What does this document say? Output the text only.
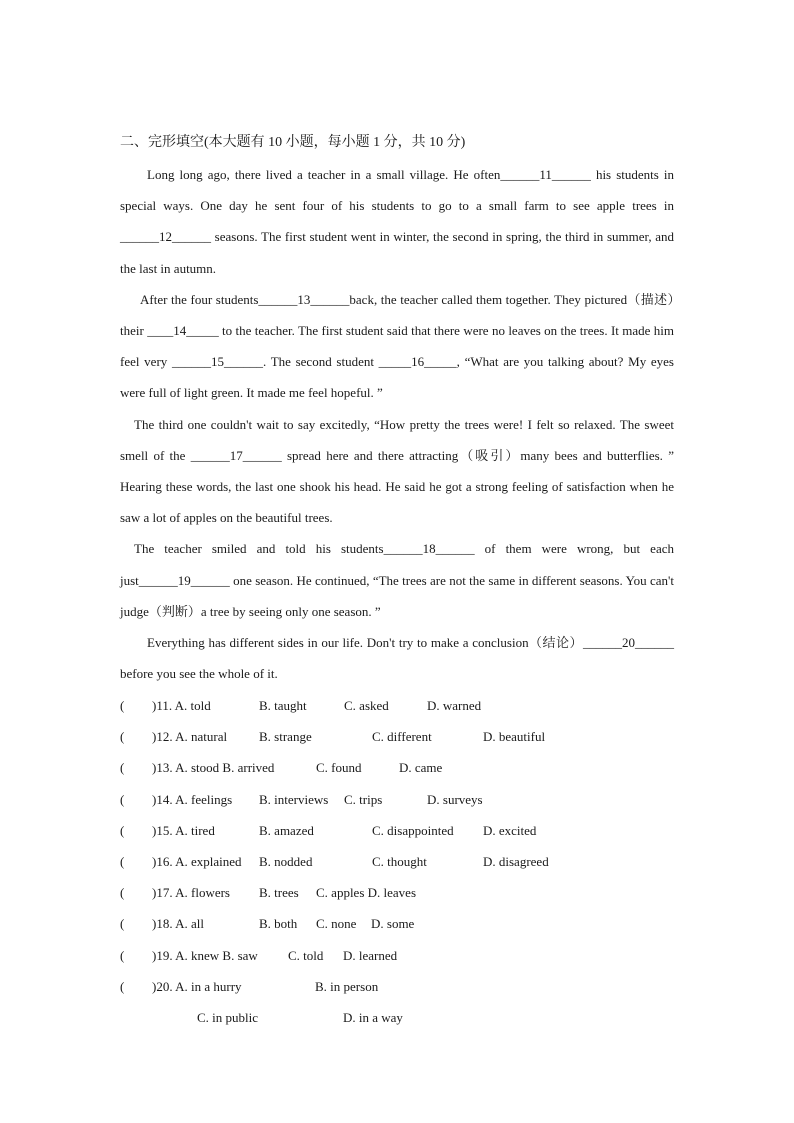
二、完形填空(本大题有 10 小题，每小题 1 分，共 10 分)

Long long ago, there lived a teacher in a small village. He often______11______ his students in special ways. One day he sent four of his students to go to a small farm to see apple trees in ______12______ seasons. The first student went in winter, the second in spring, the third in summer, and the last in autumn.

After the four students______13______back, the teacher called them together. They pictured（描述）their ____14_____ to the teacher. The first student said that there were no leaves on the trees. It made him feel very ______15______. The second student _____16_____, “What are you talking about? My eyes were full of light green. It made me feel hopeful. ”

The third one couldn't wait to say excitedly, “How pretty the trees were! I felt so relaxed. The sweet smell of the ______17______ spread here and there attracting（吸引）many bees and butterflies. ” Hearing these words, the last one shook his head. He said he got a strong feeling of satisfaction when he saw a lot of apples on the beautiful trees.

The teacher smiled and told his students______18______ of them were wrong, but each just______19______ one season. He continued, “The trees are not the same in different seasons. You can't judge（判断）a tree by seeing only one season. ”

Everything has different sides in our life. Don't try to make a conclusion（结论）______20______ before you see the whole of it.

( )11. A. told	B. taught	C. asked	D. warned
( )12. A. natural B. strange	C. different	D. beautiful
( )13. A. stood B. arrived	C. found	D. came
( )14. A. feelings B. interviews C. trips	D. surveys
( )15. A. tired	B. amazed	C. disappointed D. excited
( )16. A. explained B. nodded	C. thought	D. disagreed
( )17. A. flowers B. trees C. apples D. leaves
( )18. A. all	B. both C. none D. some
( )19. A. knew B. saw C. told D. learned
( )20. A. in a hurry	B. in person
C. in public	D. in a way
